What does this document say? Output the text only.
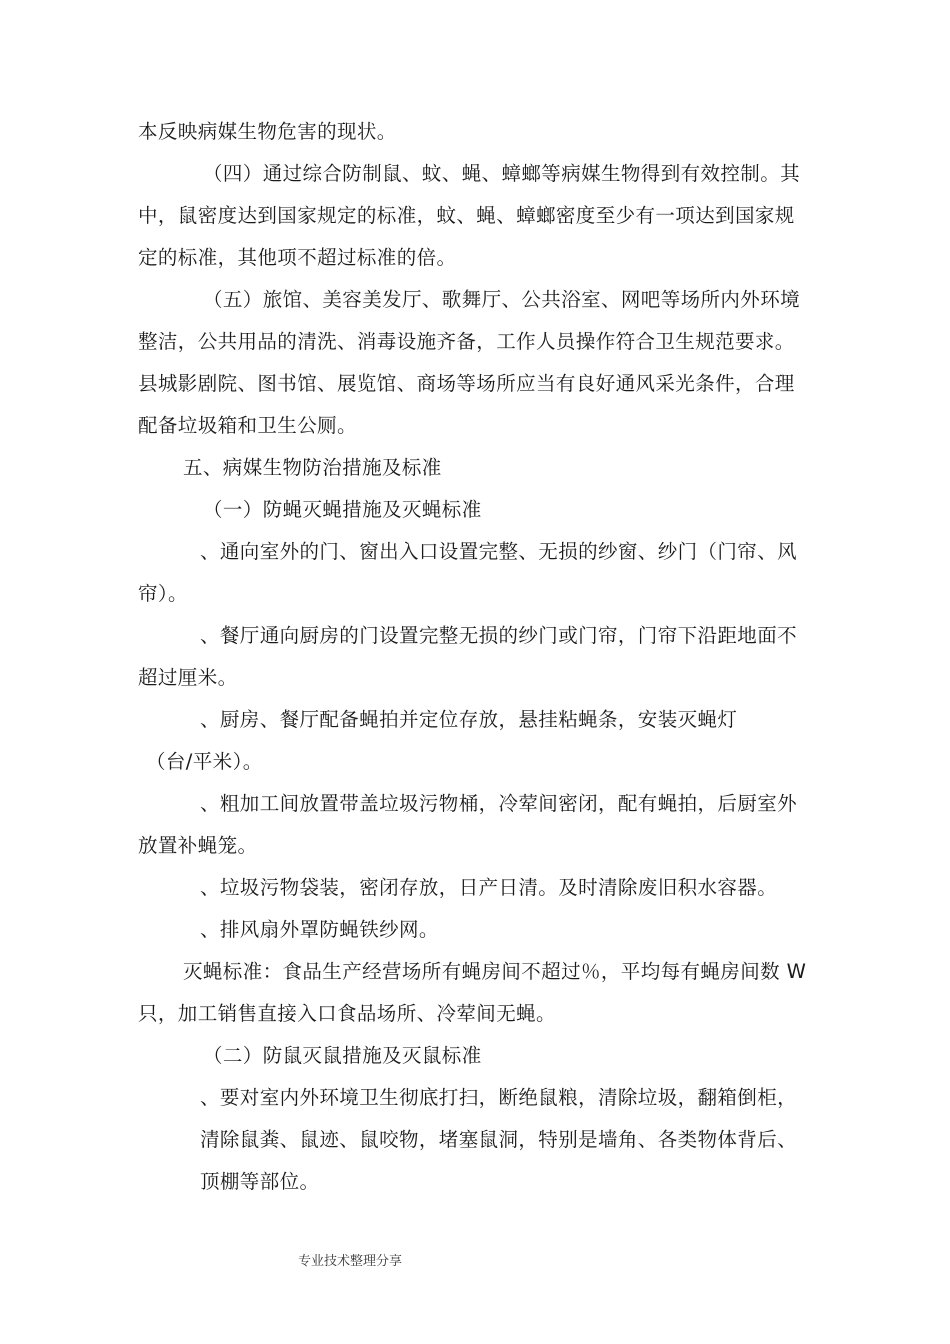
本反映病媒生物危害的现状。
（四）通过综合防制鼠、蚊、蝇、蟑螂等病媒生物得到有效控制。其
中，鼠密度达到国家规定的标准，蚊、蝇、蟑螂密度至少有一项达到国家规
定的标准，其他项不超过标准的倍。
（五）旅馆、美容美发厅、歌舞厅、公共浴室、网吧等场所内外环境
整洁，公共用品的清洗、消毒设施齐备，工作人员操作符合卫生规范要求。
县城影剧院、图书馆、展览馆、商场等场所应当有良好通风采光条件，合理
配备垃圾箱和卫生公厕。
五、病媒生物防治措施及标准
（一）防蝇灭蝇措施及灭蝇标准
、通向室外的门、窗出入口设置完整、无损的纱窗、纱门（门帘、风
帘）。
、餐厅通向厨房的门设置完整无损的纱门或门帘，门帘下沿距地面不
超过厘米。
、厨房、餐厅配备蝇拍并定位存放，悬挂粘蝇条，安装灭蝇灯
（台/平米）。
、粗加工间放置带盖垃圾污物桶，冷荤间密闭，配有蝇拍，后厨室外
放置补蝇笼。
、垃圾污物袋装，密闭存放，日产日清。及时清除废旧积水容器。
、排风扇外罩防蝇铁纱网。
灭蝇标准：食品生产经营场所有蝇房间不超过％，平均每有蝇房间数 W
只，加工销售直接入口食品场所、冷荤间无蝇。
（二）防鼠灭鼠措施及灭鼠标准
、要对室内外环境卫生彻底打扫，断绝鼠粮，清除垃圾，翻箱倒柜，
清除鼠粪、鼠迹、鼠咬物，堵塞鼠洞，特别是墙角、各类物体背后、
顶棚等部位。
专业技术整理分享
